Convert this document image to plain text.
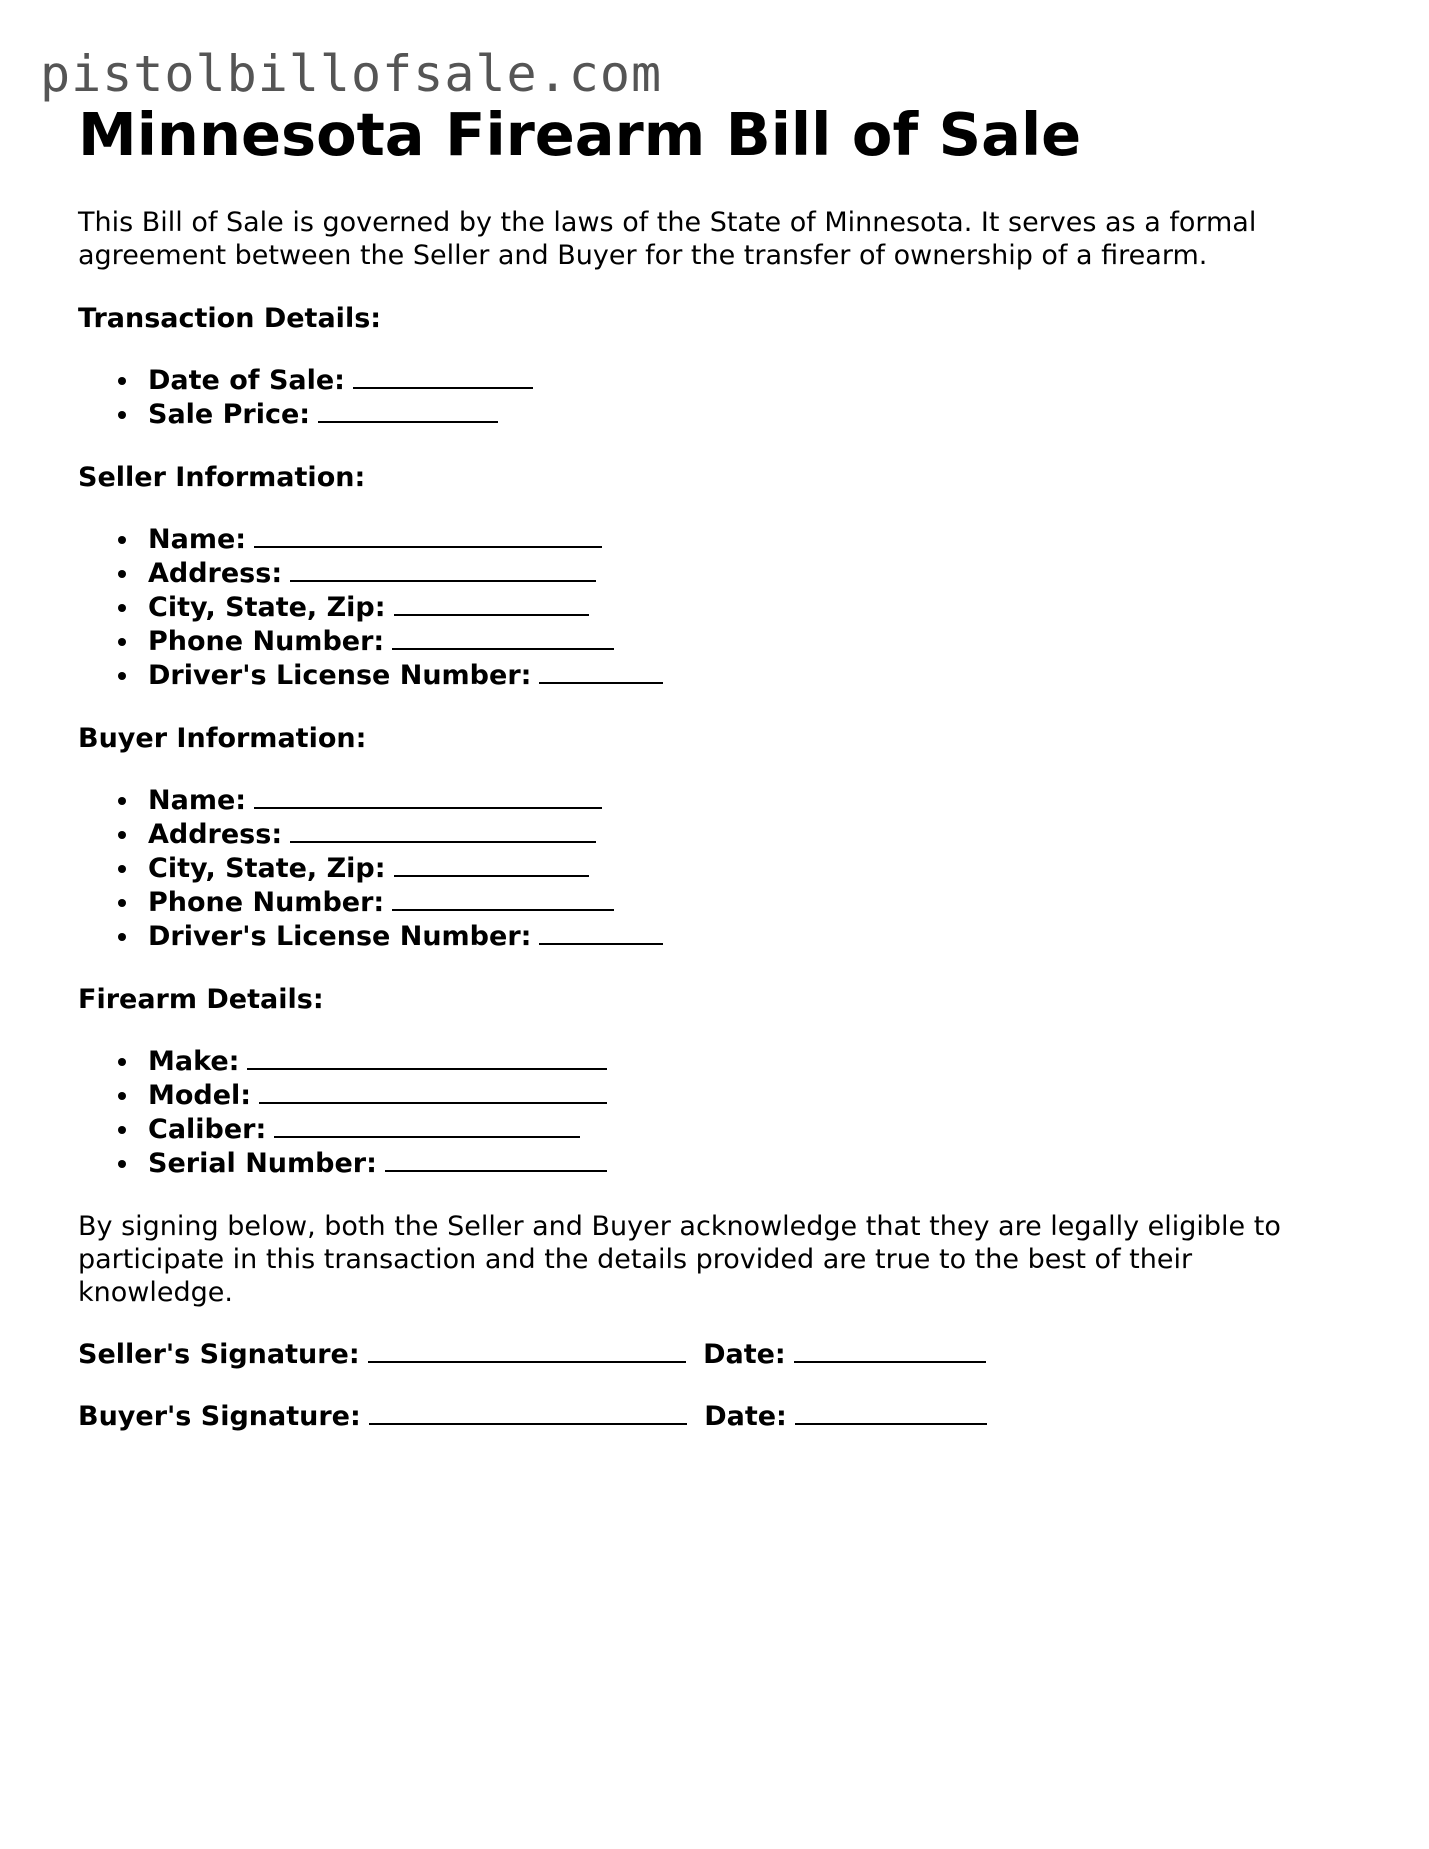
pistolbillofsale.com
Minnesota Firearm Bill of Sale

This Bill of Sale is governed by the laws of the State of Minnesota. It serves as a formal agreement between the Seller and Buyer for the transfer of ownership of a firearm.

Transaction Details:
Date of Sale:
Sale Price:
Seller Information:
Name:
Address:
City, State, Zip:
Phone Number:
Driver's License Number:
Buyer Information:
Name:
Address:
City, State, Zip:
Phone Number:
Driver's License Number:
Firearm Details:
Make:
Model:
Caliber:
Serial Number:

By signing below, both the Seller and Buyer acknowledge that they are legally eligible to participate in this transaction and the details provided are true to the best of their knowledge.

Seller's Signature:	Date:
Buyer's Signature:	Date:
